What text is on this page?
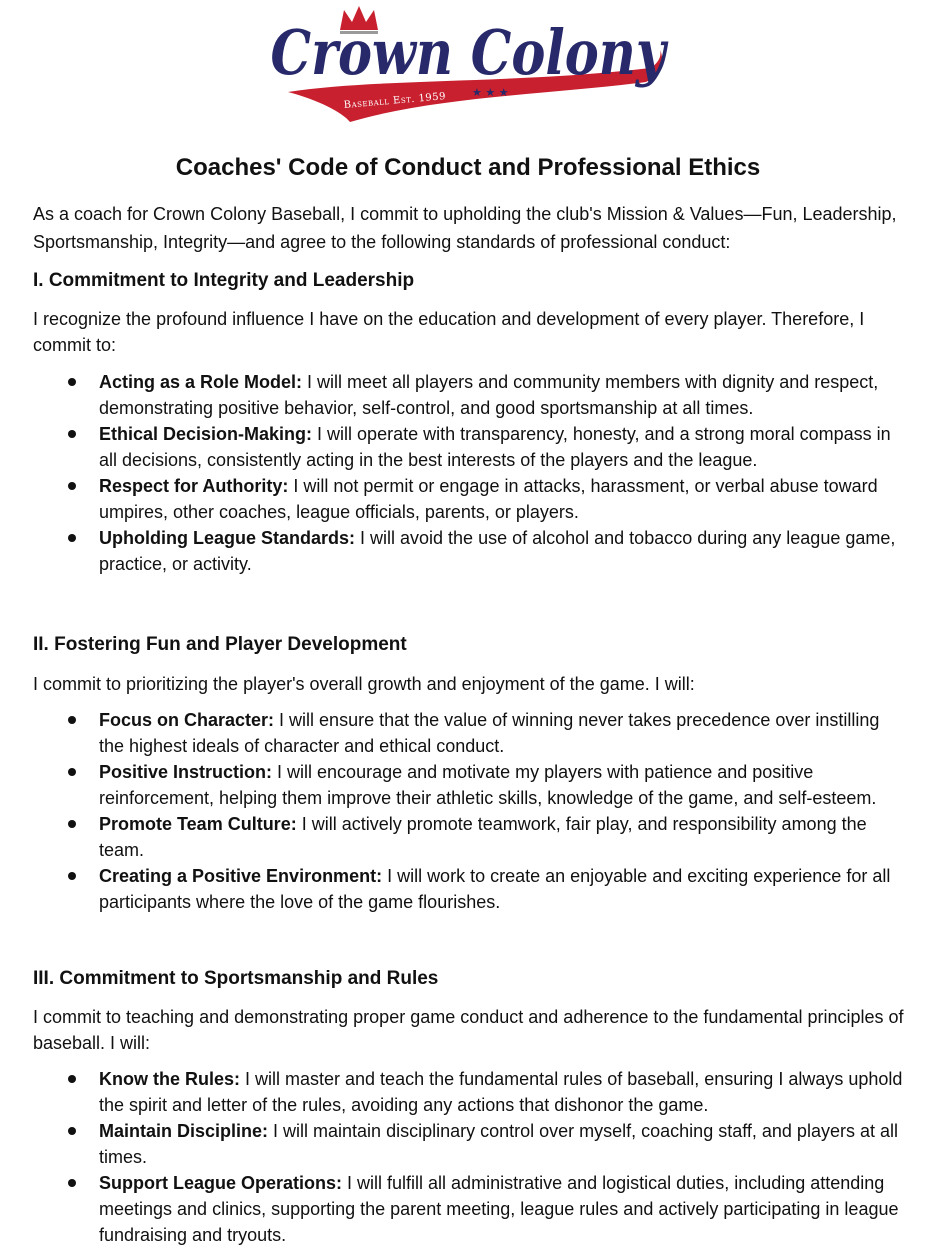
Crown Colony
Baseball Est. 1959 ★ ★ ★
Coaches' Code of Conduct and Professional Ethics
As a coach for Crown Colony Baseball, I commit to upholding the club's Mission & Values—Fun, Leadership, Sportsmanship, Integrity—and agree to the following standards of professional conduct:
I. Commitment to Integrity and Leadership
I recognize the profound influence I have on the education and development of every player. Therefore, I commit to:
Acting as a Role Model: I will meet all players and community members with dignity and respect, demonstrating positive behavior, self-control, and good sportsmanship at all times.
Ethical Decision-Making: I will operate with transparency, honesty, and a strong moral compass in all decisions, consistently acting in the best interests of the players and the league.
Respect for Authority: I will not permit or engage in attacks, harassment, or verbal abuse toward umpires, other coaches, league officials, parents, or players.
Upholding League Standards: I will avoid the use of alcohol and tobacco during any league game, practice, or activity.
II. Fostering Fun and Player Development
I commit to prioritizing the player's overall growth and enjoyment of the game. I will:
Focus on Character: I will ensure that the value of winning never takes precedence over instilling the highest ideals of character and ethical conduct.
Positive Instruction: I will encourage and motivate my players with patience and positive reinforcement, helping them improve their athletic skills, knowledge of the game, and self-esteem.
Promote Team Culture: I will actively promote teamwork, fair play, and responsibility among the team.
Creating a Positive Environment: I will work to create an enjoyable and exciting experience for all participants where the love of the game flourishes.
III. Commitment to Sportsmanship and Rules
I commit to teaching and demonstrating proper game conduct and adherence to the fundamental principles of baseball. I will:
Know the Rules: I will master and teach the fundamental rules of baseball, ensuring I always uphold the spirit and letter of the rules, avoiding any actions that dishonor the game.
Maintain Discipline: I will maintain disciplinary control over myself, coaching staff, and players at all times.
Support League Operations: I will fulfill all administrative and logistical duties, including attending meetings and clinics, supporting the parent meeting, league rules and actively participating in league fundraising and tryouts.
